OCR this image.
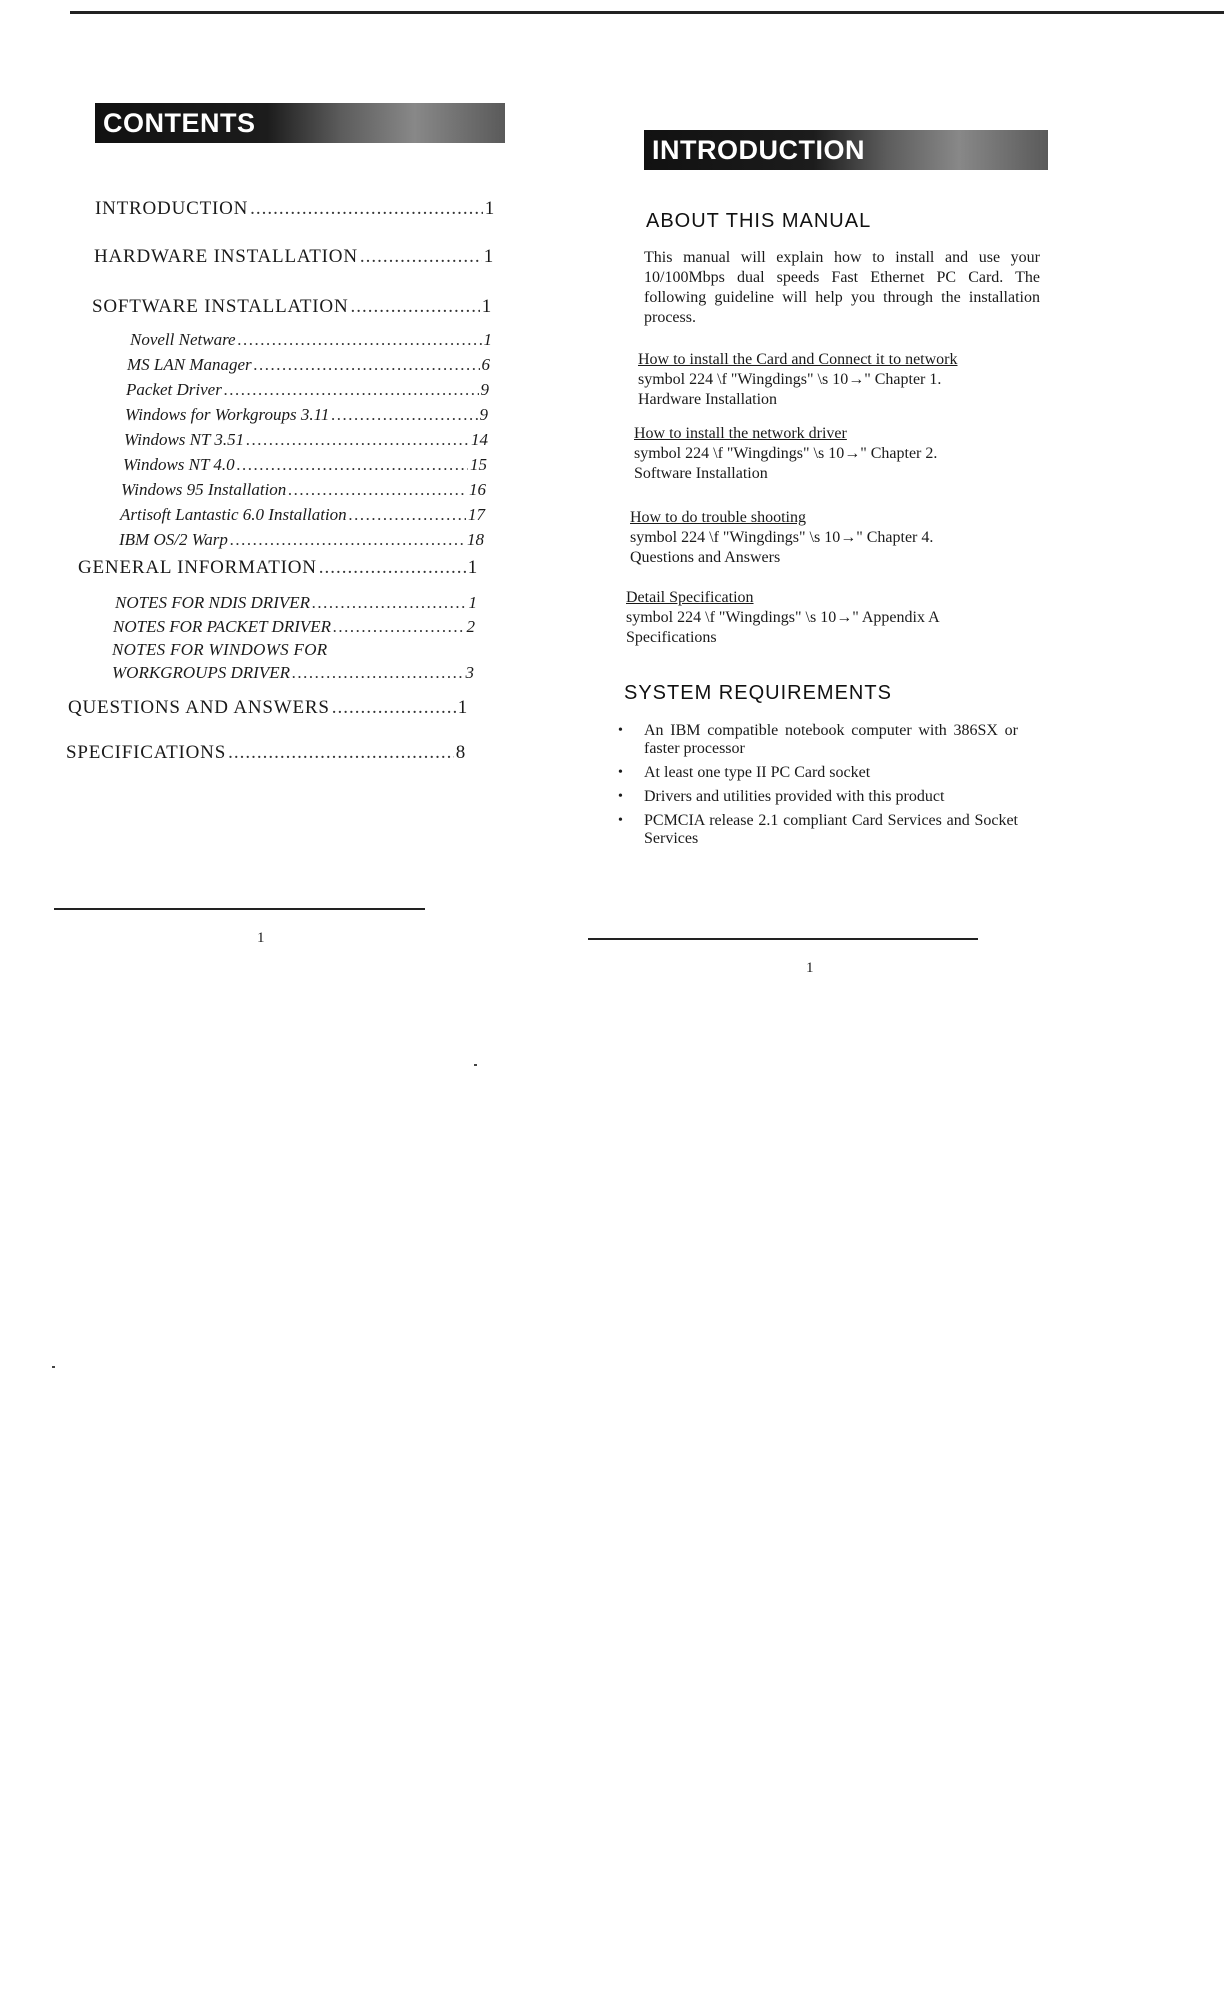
CONTENTS
INTRODUCTION .....	1
HARDWARE INSTALLATION .....	1
SOFTWARE INSTALLATION .....	1
Novell Netware .....	1
MS LAN Manager .....	6
Packet Driver .....	9
Windows for Workgroups 3.11 .....	9
Windows NT 3.51 .....	14
Windows NT 4.0 .....	15
Windows 95 Installation .....	16
Artisoft Lantastic 6.0 Installation .....	17
IBM OS/2 Warp .....	18
GENERAL INFORMATION .....	1
NOTES FOR NDIS DRIVER .....	1
NOTES FOR PACKET DRIVER .....	2
NOTES FOR WINDOWS FOR
WORKGROUPS DRIVER .....	3
QUESTIONS AND ANSWERS .....	1
SPECIFICATIONS .....	8
1
INTRODUCTION
ABOUT THIS MANUAL
This manual will explain how to install and use your 10/100Mbps dual speeds Fast Ethernet PC Card. The following guideline will help you through the installation process.
How to install the Card and Connect it to network
symbol 224 \f "Wingdings" \s 10→" Chapter 1.
Hardware Installation
How to install the network driver
symbol 224 \f "Wingdings" \s 10→" Chapter 2.
Software Installation
How to do trouble shooting
symbol 224 \f "Wingdings" \s 10→" Chapter 4.
Questions and Answers
Detail Specification
symbol 224 \f "Wingdings" \s 10→" Appendix A
Specifications
SYSTEM REQUIREMENTS
• An IBM compatible notebook computer with 386SX or faster processor
• At least one type II PC Card socket
• Drivers and utilities provided with this product
• PCMCIA release 2.1 compliant Card Services and Socket Services
1
